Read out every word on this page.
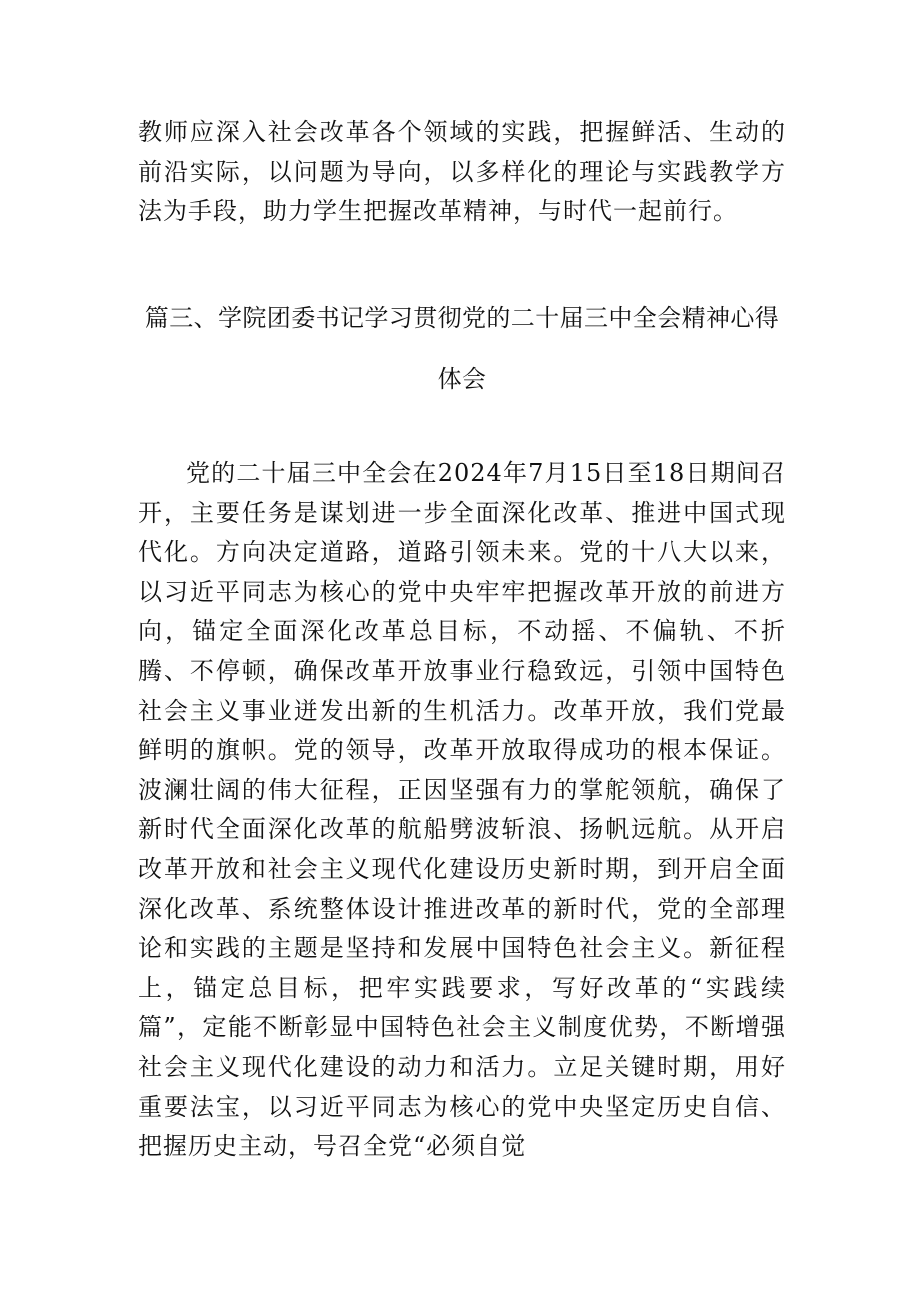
教师应深入社会改革各个领域的实践，把握鲜活、生动的前沿实际，以问题为导向，以多样化的理论与实践教学方法为手段，助力学生把握改革精神，与时代一起前行。

篇三、学院团委书记学习贯彻党的二十届三中全会精神心得体会

党的二十届三中全会在2024年7月15日至18日期间召开，主要任务是谋划进一步全面深化改革、推进中国式现代化。方向决定道路，道路引领未来。党的十八大以来，以习近平同志为核心的党中央牢牢把握改革开放的前进方向，锚定全面深化改革总目标，不动摇、不偏轨、不折腾、不停顿，确保改革开放事业行稳致远，引领中国特色社会主义事业迸发出新的生机活力。改革开放，我们党最鲜明的旗帜。党的领导，改革开放取得成功的根本保证。波澜壮阔的伟大征程，正因坚强有力的掌舵领航，确保了新时代全面深化改革的航船劈波斩浪、扬帆远航。从开启改革开放和社会主义现代化建设历史新时期，到开启全面深化改革、系统整体设计推进改革的新时代，党的全部理论和实践的主题是坚持和发展中国特色社会主义。新征程上，锚定总目标，把牢实践要求，写好改革的“实践续篇”，定能不断彰显中国特色社会主义制度优势，不断增强社会主义现代化建设的动力和活力。立足关键时期，用好重要法宝，以习近平同志为核心的党中央坚定历史自信、把握历史主动，号召全党“必须自觉
